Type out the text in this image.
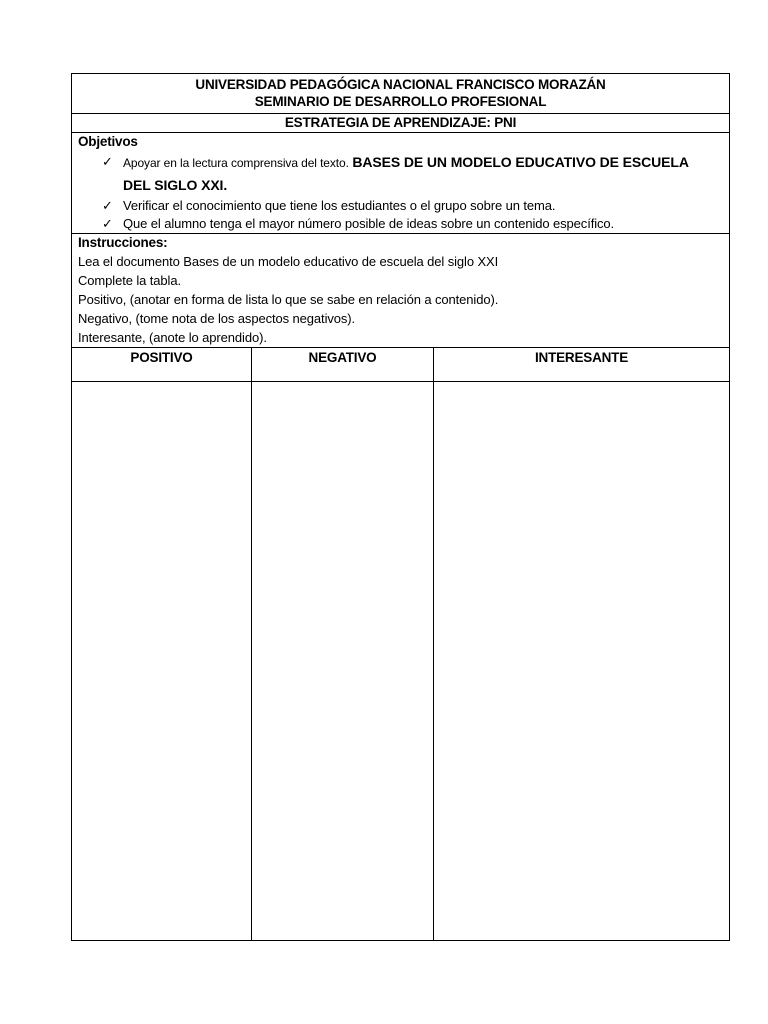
UNIVERSIDAD PEDAGÓGICA NACIONAL FRANCISCO MORAZÁN
SEMINARIO DE DESARROLLO PROFESIONAL
ESTRATEGIA DE APRENDIZAJE: PNI
Objetivos
✓ Apoyar en la lectura comprensiva del texto. BASES DE UN MODELO EDUCATIVO DE ESCUELA DEL SIGLO XXI.
✓ Verificar el conocimiento que tiene los estudiantes o el grupo sobre un tema.
✓ Que el alumno tenga el mayor número posible de ideas sobre un contenido específico.
Instrucciones:
Lea el documento Bases de un modelo educativo de escuela del siglo XXI
Complete la tabla.
Positivo, (anotar en forma de lista lo que se sabe en relación a contenido).
Negativo, (tome nota de los aspectos negativos).
Interesante, (anote lo aprendido).
POSITIVO	NEGATIVO	INTERESANTE
